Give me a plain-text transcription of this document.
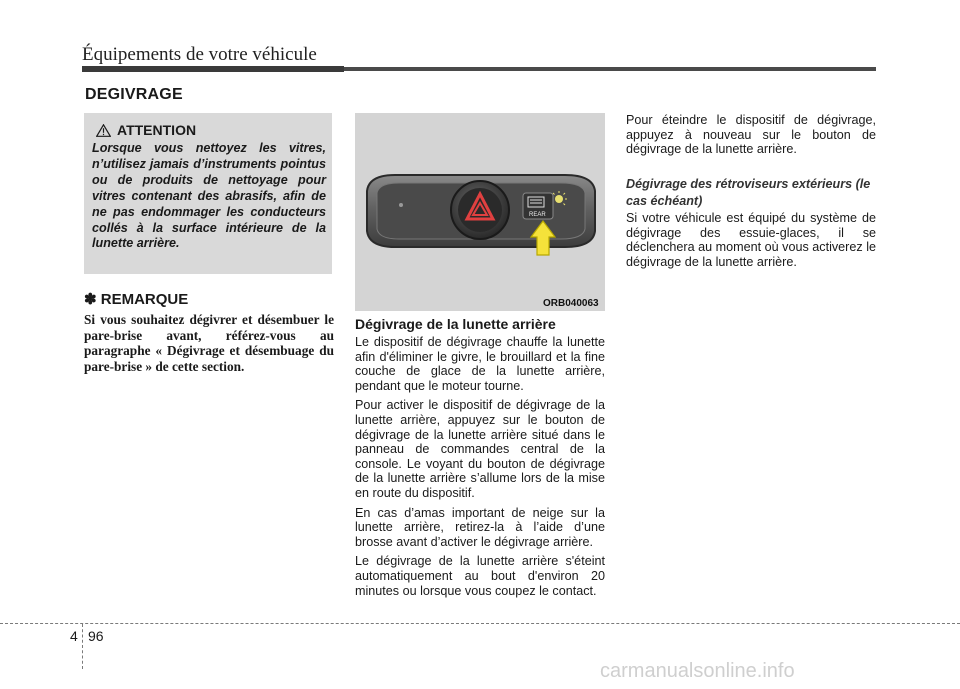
Équipements de votre véhicule
DEGIVRAGE
ATTENTION
Lorsque vous nettoyez les vitres, n’utilisez jamais d’instruments pointus ou de produits de nettoyage pour vitres contenant des abrasifs, afin de ne pas endommager les conducteurs collés à la surface intérieure de la lunette arrière.
✽ REMARQUE
Si vous souhaitez dégivrer et désembuer le pare-brise avant, référez-vous au paragraphe « Dégivrage et désembuage du pare-brise » de cette section.
REAR
ORB040063
Dégivrage de la lunette arrière

Le dispositif de dégivrage chauffe la lunette afin d'éliminer le givre, le brouillard et la fine couche de glace de la lunette arrière, pendant que le moteur tourne.

Pour activer le dispositif de dégivrage de la lunette arrière, appuyez sur le bouton de dégivrage de la lunette arrière situé dans le panneau de commandes central de la console. Le voyant du bouton de dégivrage de la lunette arrière s’allume lors de la mise en route du dispositif.

En cas d’amas important de neige sur la lunette arrière, retirez-la à l’aide d’une brosse avant d’activer le dégivrage arrière.

Le dégivrage de la lunette arrière s'éteint automatiquement au bout d'environ 20 minutes ou lorsque vous coupez le contact.

Pour éteindre le dispositif de dégivrage, appuyez à nouveau sur le bouton de dégivrage de la lunette arrière.

Dégivrage des rétroviseurs extérieurs (le cas échéant)

Si votre véhicule est équipé du système de dégivrage des essuie-glaces, il se déclenchera au moment où vous activerez le dégivrage de la lunette arrière.

4 96
carmanualsonline.info
